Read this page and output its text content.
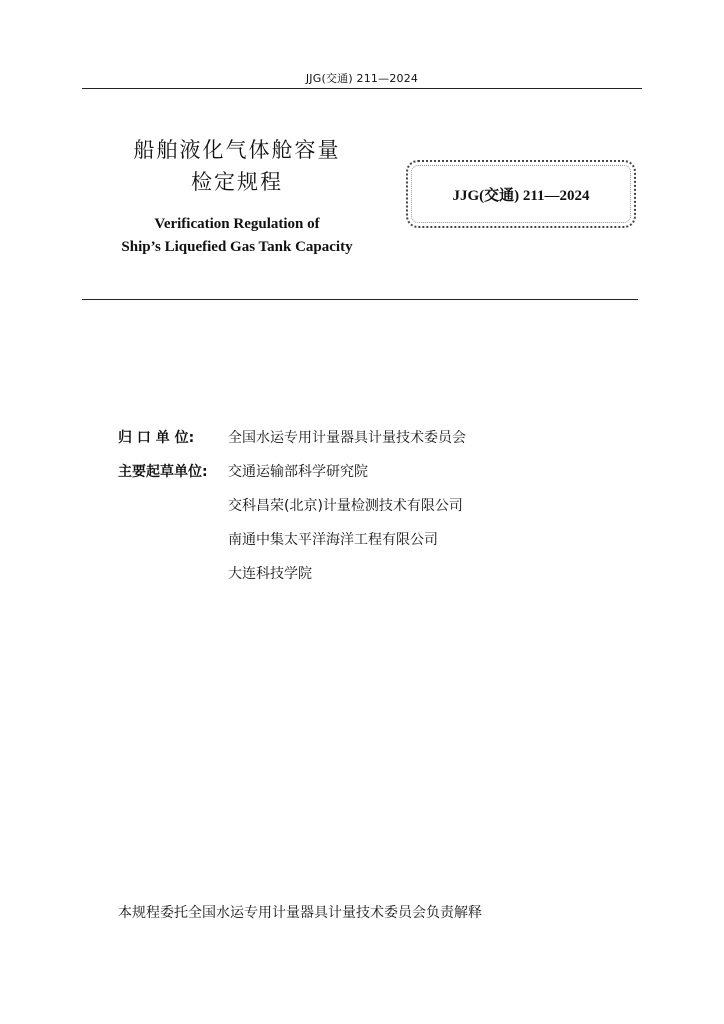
JJG(交通) 211—2024
船舶液化气体舱容量
检定规程
Verification Regulation of
Ship’s Liquefied Gas Tank Capacity
JJG(交通) 211—2024
归 口 单 位:	全国水运专用计量器具计量技术委员会
主要起草单位:	交通运输部科学研究院
交科昌荣(北京)计量检测技术有限公司
南通中集太平洋海洋工程有限公司
大连科技学院
本规程委托全国水运专用计量器具计量技术委员会负责解释
